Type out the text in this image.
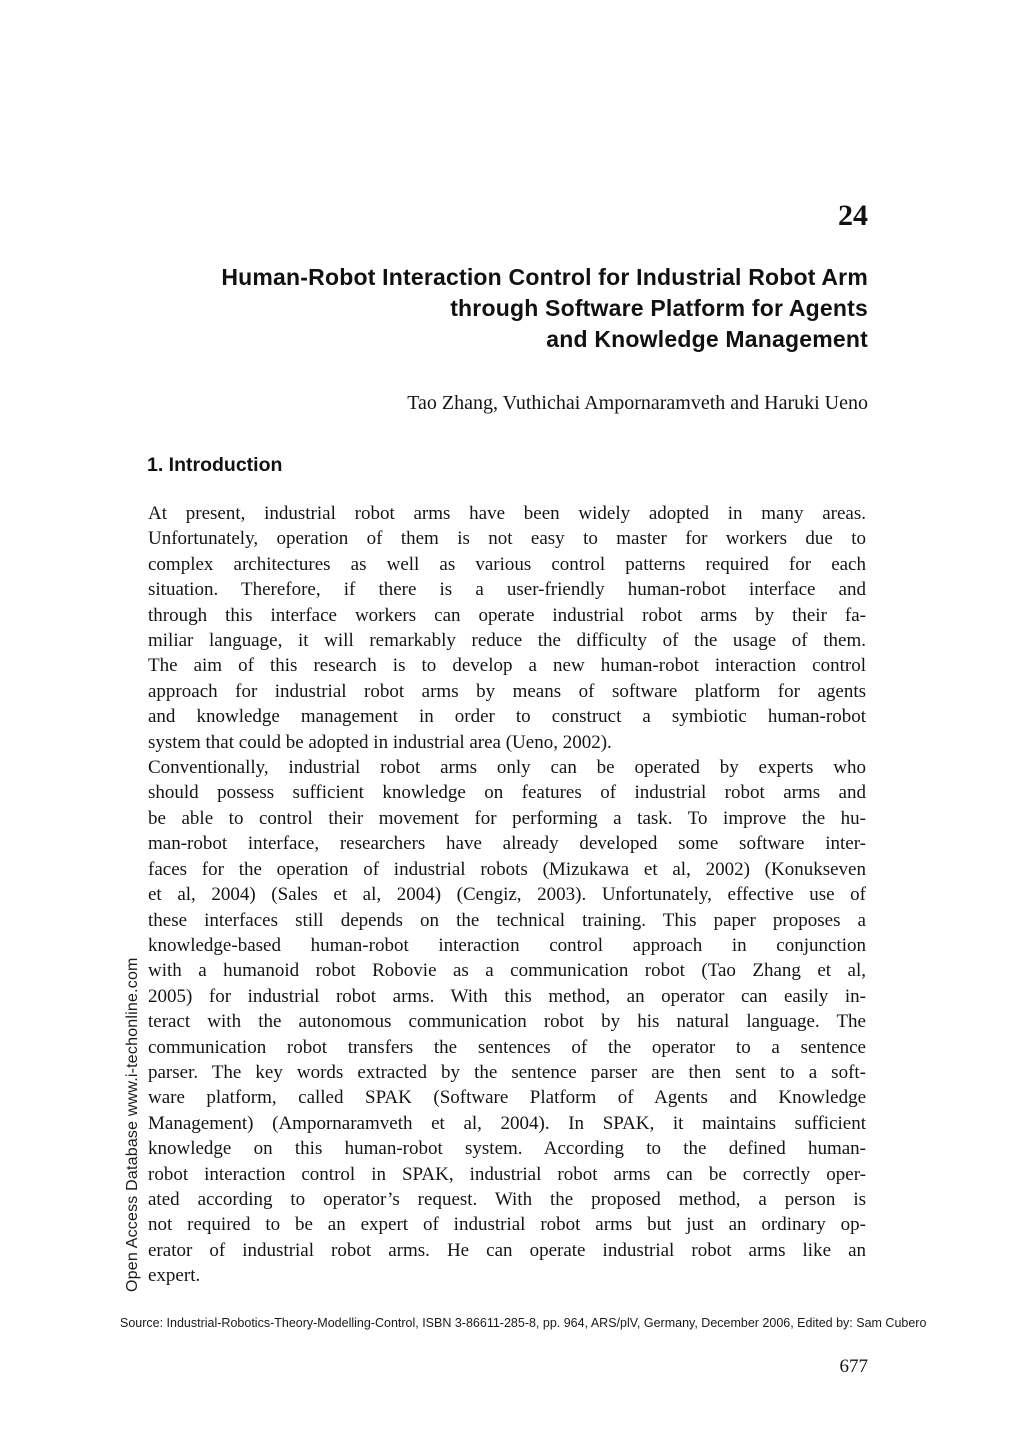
24
Human-Robot Interaction Control for Industrial Robot Arm
through Software Platform for Agents
and Knowledge Management
Tao Zhang, Vuthichai Ampornaramveth and Haruki Ueno
1. Introduction
At present, industrial robot arms have been widely adopted in many areas.
Unfortunately, operation of them is not easy to master for workers due to
complex architectures as well as various control patterns required for each
situation. Therefore, if there is a user-friendly human-robot interface and
through this interface workers can operate industrial robot arms by their fa-
miliar language, it will remarkably reduce the difficulty of the usage of them.
The aim of this research is to develop a new human-robot interaction control
approach for industrial robot arms by means of software platform for agents
and knowledge management in order to construct a symbiotic human-robot
system that could be adopted in industrial area (Ueno, 2002).
Conventionally, industrial robot arms only can be operated by experts who
should possess sufficient knowledge on features of industrial robot arms and
be able to control their movement for performing a task. To improve the hu-
man-robot interface, researchers have already developed some software inter-
faces for the operation of industrial robots (Mizukawa et al, 2002) (Konukseven
et al, 2004) (Sales et al, 2004) (Cengiz, 2003). Unfortunately, effective use of
these interfaces still depends on the technical training. This paper proposes a
knowledge-based human-robot interaction control approach in conjunction
with a humanoid robot Robovie as a communication robot (Tao Zhang et al,
2005) for industrial robot arms. With this method, an operator can easily in-
teract with the autonomous communication robot by his natural language. The
communication robot transfers the sentences of the operator to a sentence
parser. The key words extracted by the sentence parser are then sent to a soft-
ware platform, called SPAK (Software Platform of Agents and Knowledge
Management) (Ampornaramveth et al, 2004). In SPAK, it maintains sufficient
knowledge on this human-robot system. According to the defined human-
robot interaction control in SPAK, industrial robot arms can be correctly oper-
ated according to operator’s request. With the proposed method, a person is
not required to be an expert of industrial robot arms but just an ordinary op-
erator of industrial robot arms. He can operate industrial robot arms like an
expert.
Open Access Database www.i-techonline.com
Source: Industrial-Robotics-Theory-Modelling-Control, ISBN 3-86611-285-8, pp. 964, ARS/plV, Germany, December 2006, Edited by: Sam Cubero
677
